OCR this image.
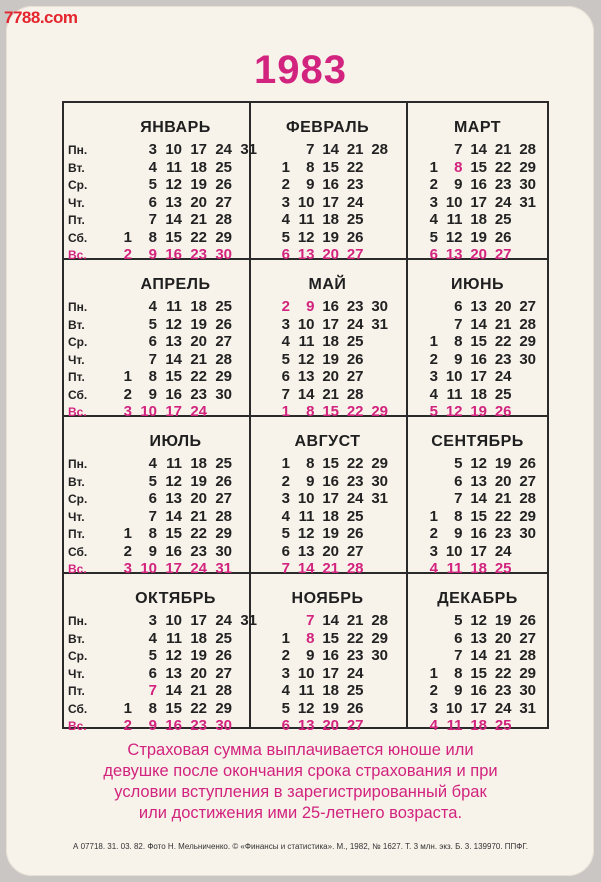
7788.com
1983
Пн.
Вт.
Ср.
Чт.
Пт.
Сб.
Вс.
Пн.
Вт.
Ср.
Чт.
Пт.
Сб.
Вс.
Пн.
Вт.
Ср.
Чт.
Пт.
Сб.
Вс.
Пн.
Вт.
Ср.
Чт.
Пт.
Сб.
Вс.
ЯНВАРЬ
1
2
3
4
5
6
7
8
9
10
11
12
13
14
15
16
17
18
19
20
21
22
23
24
25
26
27
28
29
30
31
ФЕВРАЛЬ
1
2
3
4
5
6
7
8
9
10
11
12
13
14
15
16
17
18
19
20
21
22
23
24
25
26
27
28
МАРТ
1
2
3
4
5
6
7
8
9
10
11
12
13
14
15
16
17
18
19
20
21
22
23
24
25
26
27
28
29
30
31
АПРЕЛЬ
1
2
3
4
5
6
7
8
9
10
11
12
13
14
15
16
17
18
19
20
21
22
23
24
25
26
27
28
29
30
МАЙ
2
3
4
5
6
7
1
9
10
11
12
13
14
8
16
17
18
19
20
21
15
23
24
25
26
27
28
22
30
31
29
ИЮНЬ
1
2
3
4
5
6
7
8
9
10
11
12
13
14
15
16
17
18
19
20
21
22
23
24
25
26
27
28
29
30
ИЮЛЬ
1
2
3
4
5
6
7
8
9
10
11
12
13
14
15
16
17
18
19
20
21
22
23
24
25
26
27
28
29
30
31
АВГУСТ
1
2
3
4
5
6
7
8
9
10
11
12
13
14
15
16
17
18
19
20
21
22
23
24
25
26
27
28
29
30
31
СЕНТЯБРЬ
1
2
3
4
5
6
7
8
9
10
11
12
13
14
15
16
17
18
19
20
21
22
23
24
25
26
27
28
29
30
ОКТЯБРЬ
1
2
3
4
5
6
7
8
9
10
11
12
13
14
15
16
17
18
19
20
21
22
23
24
25
26
27
28
29
30
31
НОЯБРЬ
1
2
3
4
5
6
7
8
9
10
11
12
13
14
15
16
17
18
19
20
21
22
23
24
25
26
27
28
29
30
ДЕКАБРЬ
1
2
3
4
5
6
7
8
9
10
11
12
13
14
15
16
17
18
19
20
21
22
23
24
25
26
27
28
29
30
31
Страховая сумма выплачивается юноше или
девушке после окончания срока страхования и при
условии вступления в зарегистрированный брак
или достижения ими 25-летнего возраста.
А 07718. 31. 03. 82. Фото Н. Мельниченко. © «Финансы и статистика». М., 1982, № 1627. Т. 3 млн. экз. Б. 3. 139970. ППФГ.
